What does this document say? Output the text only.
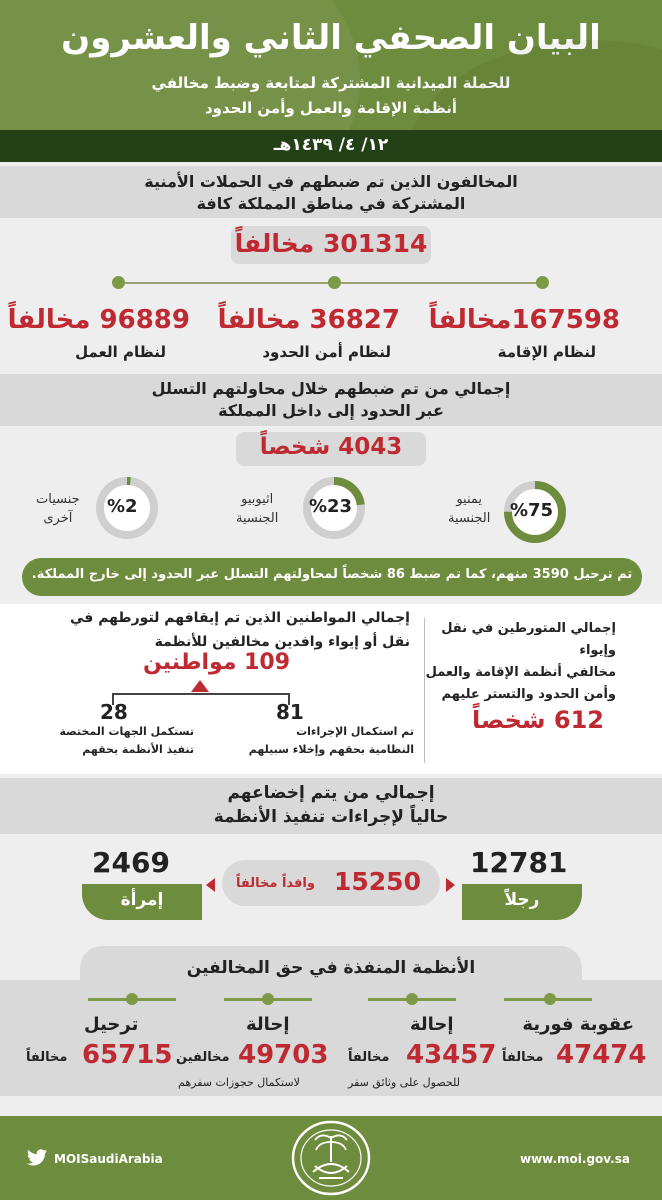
البيان الصحفي الثاني والعشرون
للحملة الميدانية المشتركة لمتابعة وضبط مخالفي
أنظمة الإقامة والعمل وأمن الحدود
١٢/ ٤/ ١٤٣٩هـ
المخالفون الذين تم ضبطهم في الحملات الأمنية
المشتركة في مناطق المملكة كافة
301314 مخالفاً
167598مخالفاً
لنظام الإقامة
36827 مخالفاً
لنظام أمن الحدود
96889 مخالفاً
لنظام العمل
إجمالي من تم ضبطهم خلال محاولتهم التسلل
عبر الحدود إلى داخل المملكة
4043 شخصاً
%75
يمنيو
الجنسية
%23
اثيوبيو
الجنسية
%2
جنسيات
آخرى
تم ترحيل 3590 منهم، كما تم ضبط 86 شخصاً لمحاولتهم التسلل عبر الحدود إلى خارج المملكة.
إجمالي المتورطين في نقل وإيواء
مخالفي أنظمة الإقامة والعمل
وأمن الحدود والتستر عليهم
612 شخصاً
إجمالي المواطنين الذين تم إيقافهم لتورطهم في
نقل أو إيواء وافدين مخالفين للأنظمة
109 مواطنين
81
تم استكمال الإجراءات
النظامية بحقهم وإخلاء سبيلهم
28
تستكمل الجهات المختصة
تنفيذ الأنظمة بحقهم
إجمالي من يتم إخضاعهم
حالياً لإجراءات تنفيذ الأنظمة
12781
رجلاً
2469
إمرأة
15250
وافداً مخالفاً
الأنظمة المنفذة في حق المخالفين
عقوبة فورية
47474
مخالفاً
إحالة
43457
مخالفاً
للحصول على وثائق سفر
إحالة
49703
مخالفين
لاستكمال حجوزات سفرهم
ترحيل
65715
مخالفاً
MOISaudiArabia	www.moi.gov.sa
